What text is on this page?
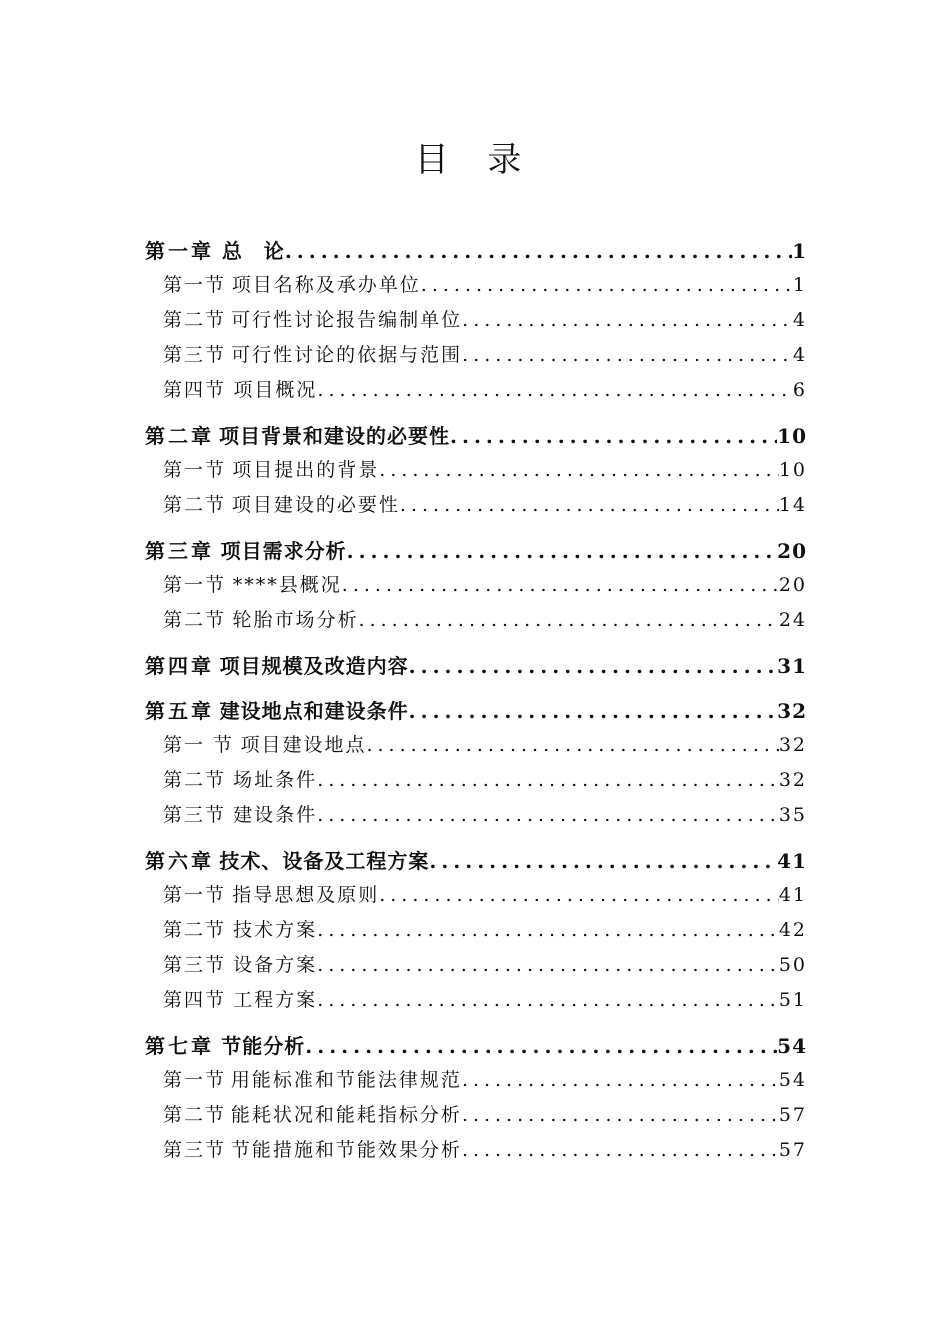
目 录
第一章 总　论 .....	1
第一节 项目名称及承办单位 .....	1
第二节 可行性讨论报告编制单位 .....	4
第三节 可行性讨论的依据与范围 .....	4
第四节 项目概况 .....	6
第二章 项目背景和建设的必要性 .....	10
第一节 项目提出的背景 .....	10
第二节 项目建设的必要性 .....	14
第三章 项目需求分析 .....	20
第一节 ****县概况 .....	20
第二节 轮胎市场分析 .....	24
第四章 项目规模及改造内容 .....	31
第五章 建设地点和建设条件 .....	32
第一 节 项目建设地点 .....	32
第二节 场址条件 .....	32
第三节 建设条件 .....	35
第六章 技术、设备及工程方案 .....	41
第一节 指导思想及原则 .....	41
第二节 技术方案 .....	42
第三节 设备方案 .....	50
第四节 工程方案 .....	51
第七章 节能分析 .....	54
第一节 用能标准和节能法律规范 .....	54
第二节 能耗状况和能耗指标分析 .....	57
第三节 节能措施和节能效果分析 .....	57
